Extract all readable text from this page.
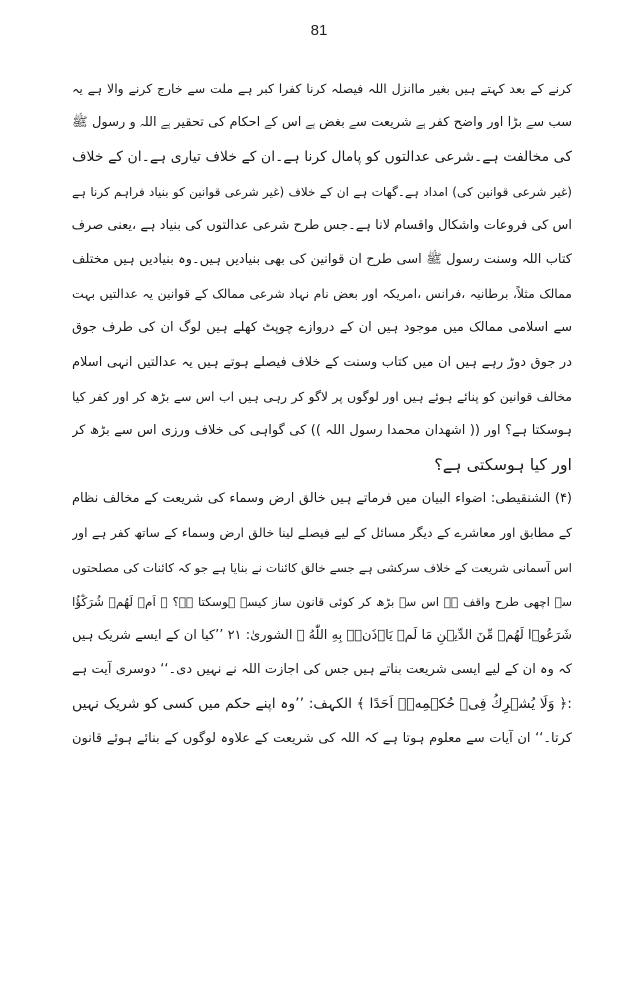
81
کرنے کے بعد کہتے ہیں بغیر ماانزل اللہ فیصلہ کرنا کفرا کبر ہے ملت سے خارج کرنے والا ہے یہ
سب سے بڑا اور واضح کفر ہے شریعت سے بغض ہے اس کے احکام کی تحقیر ہے اللہ و رسول ﷺ
کی مخالفت ہے۔شرعی عدالتوں کو پامال کرنا ہے۔ان کے خلاف تیاری ہے۔ان کے خلاف
(غیر شرعی قوانین کی) امداد ہے۔گھات ہے ان کے خلاف (غیر شرعی قوانین کو بنیاد فراہم کرنا ہے
اس کی فروعات واشکال واقسام لانا ہے۔جس طرح شرعی عدالتوں کی بنیاد ہے ،یعنی صرف
کتاب اللہ وسنت رسول ﷺ اسی طرح ان قوانین کی بھی بنیادیں ہیں۔وہ بنیادیں ہیں مختلف
ممالک مثلاً، برطانیہ ،فرانس ،امریکہ اور بعض نام نہاد شرعی ممالک کے قوانین یہ عدالتیں بہت
سے اسلامی ممالک میں موجود ہیں ان کے دروازے چوپٹ کھلے ہیں لوگ ان کی طرف جوق
در جوق دوڑ رہے ہیں ان میں کتاب وسنت کے خلاف فیصلے ہوتے ہیں یہ عدالتیں انہی اسلام
مخالف قوانین کو پنائے ہوئے ہیں اور لوگوں پر لاگو کر رہی ہیں اب اس سے بڑھ کر اور کفر کیا
ہوسکتا ہے؟ اور (( اشھدان محمدا رسول اللہ )) کی گواہی کی خلاف ورزی اس سے بڑھ کر
اور کیا ہوسکتی ہے؟
(۴) الشنقیطی: اضواء البیان میں فرماتے ہیں خالق ارض وسماء کی شریعت کے مخالف نظام
کے مطابق اور معاشرے کے دیگر مسائل کے لیے فیصلے لینا خالق ارض وسماء کے ساتھ کفر ہے اور
اس آسمانی شریعت کے خلاف سرکشی ہے جسے خالق کائنات نے بنایا ہے جو کہ کائنات کی مصلحتوں
سے اچھی طرح واقف ہے اس سے بڑھ کر کوئی قانون ساز کیسے ہوسکتا ہے؟ ﴿ اَمۡ لَهُمۡ شُرَكٰٓؤُا
شَرَعُوۡا لَهُمۡ مِّنَ الدِّيۡنِ مَا لَمۡ يَاۡذَنۡۢ بِهِ اللّٰهُ ﴾ الشوریٰ: ۲۱ ’’کیا ان کے ایسے شریک ہیں
کہ وہ ان کے لیے ایسی شریعت بناتے ہیں جس کی اجازت اللہ نے نہیں دی۔‘‘ دوسری آیت ہے
:﴿ وَلَا يُشۡرِكُ فِىۡ حُكۡمِهٖۤ اَحَدًا ﴾ الکہف: ’’وہ اپنے حکم میں کسی کو شریک نہیں
کرتا۔‘‘ ان آیات سے معلوم ہوتا ہے کہ اللہ کی شریعت کے علاوہ لوگوں کے بنائے ہوئے قانون
